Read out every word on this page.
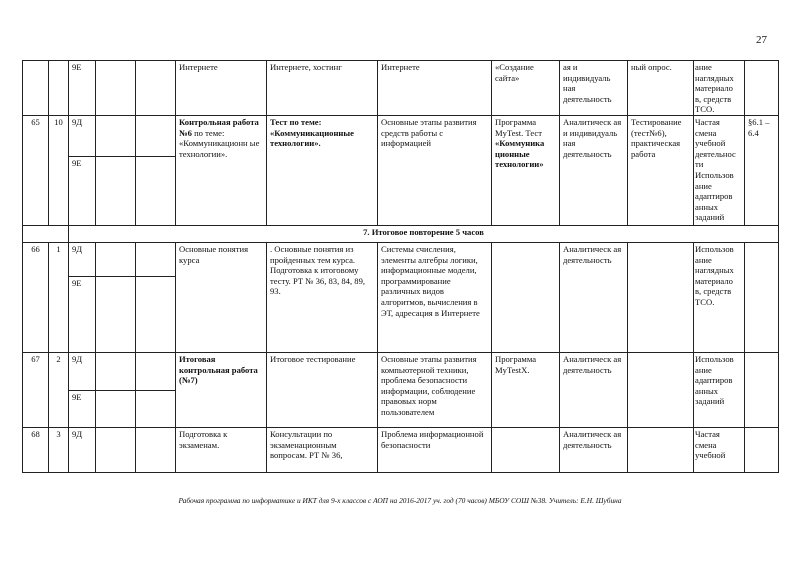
27
		9Е			Интернете	Интернете, хостинг	Интернете	«Создание сайта»	ая и индивидуаль ная деятельность	ный опрос.	ание наглядных материало в, средств ТСО.	
65	10	9Д			Контрольная работа №6 по теме: «Коммуникационн ые технологии».	Тест по теме: «Коммуникационные технологии».	Основные этапы развития средств работы с информацией	Программа MyTest. Тест «Коммуника ционные технологии»	Аналитическ ая и индивидуаль ная деятельность	Тестирование (тест№6), практическая работа	Частая смена учебной деятельнос ти Использов ание адаптиров анных заданий	§6.1 – 6.4
		9Е										
		7. Итоговое повторение 5 часов										
66	1	9Д			Основные понятия курса	. Основные понятия из пройденных тем курса. Подготовка к итоговому тесту. РТ № 36, 83, 84, 89, 93.	Системы счисления, элементы алгебры логики, информационные модели, программирование различных видов алгоритмов, вычисления в ЭТ, адресация в Интернете		Аналитическ ая деятельность		Использов ание наглядных материало в, средств ТСО.	
		9Е										
67	2	9Д			Итоговая контрольная работа (№7)	Итоговое тестирование	Основные этапы развития компьютерной техники, проблема безопасности информации, соблюдение правовых норм пользователем	Программа MyTestX.	Аналитическ ая деятельность		Использов ание адаптиров анных заданий	
		9Е										
68	3	9Д			Подготовка к экзаменам.	Консультации по экзаменационным вопросам. РТ № 36,	Проблема информационной безопасности		Аналитическ ая деятельность		Частая смена учебной	
Рабочая программа по информатике и ИКТ для 9-х классов с АОП на 2016-2017 уч. год (70 часов) МБОУ СОШ №38. Учитель: Е.Н. Шубина
